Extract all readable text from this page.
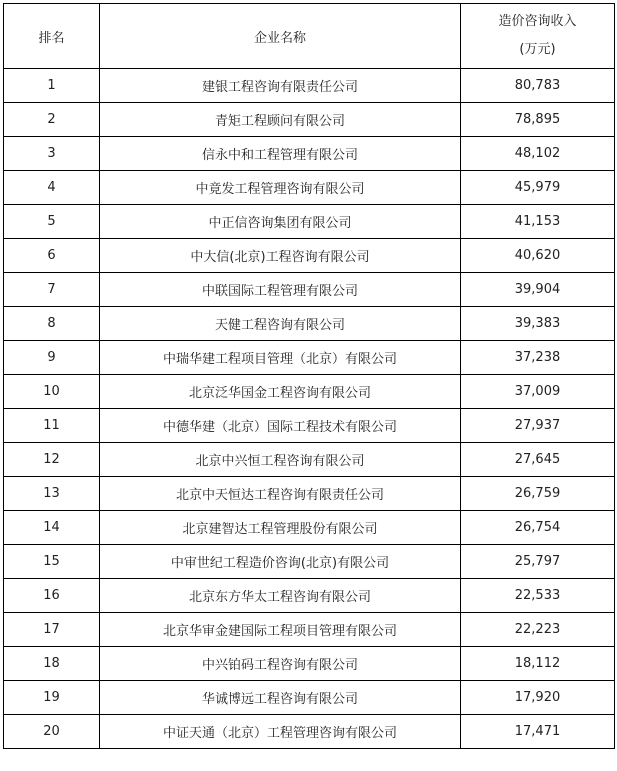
排名	企业名称	造价咨询收入
(万元)

1	建银工程咨询有限责任公司	80,783
2	青矩工程顾问有限公司	78,895
3	信永中和工程管理有限公司	48,102
4	中竟发工程管理咨询有限公司	45,979
5	中正信咨询集团有限公司	41,153
6	中大信(北京)工程咨询有限公司	40,620
7	中联国际工程管理有限公司	39,904
8	天健工程咨询有限公司	39,383
9	中瑞华建工程项目管理（北京）有限公司	37,238
10	北京泛华国金工程咨询有限公司	37,009
11	中德华建（北京）国际工程技术有限公司	27,937
12	北京中兴恒工程咨询有限公司	27,645
13	北京中天恒达工程咨询有限责任公司	26,759
14	北京建智达工程管理股份有限公司	26,754
15	中审世纪工程造价咨询(北京)有限公司	25,797
16	北京东方华太工程咨询有限公司	22,533
17	北京华审金建国际工程项目管理有限公司	22,223
18	中兴铂码工程咨询有限公司	18,112
19	华诚博远工程咨询有限公司	17,920
20	中证天通（北京）工程管理咨询有限公司	17,471
